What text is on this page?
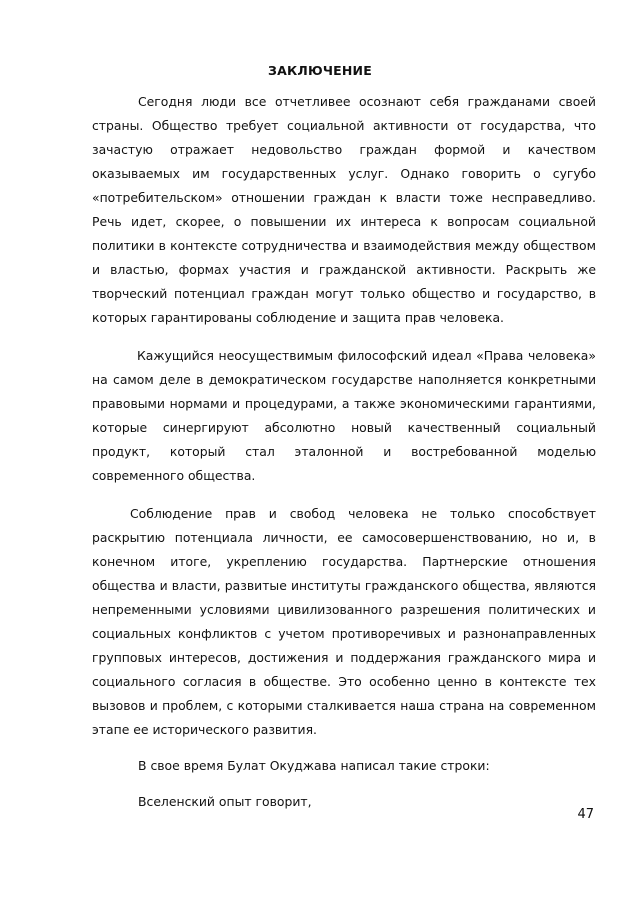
ЗАКЛЮЧЕНИЕ

Сегодня люди все отчетливее осознают себя гражданами своей страны. Общество требует социальной активности от государства, что зачастую отражает недовольство граждан формой и качеством оказываемых им государственных услуг. Однако говорить о сугубо «потребительском» отношении граждан к власти тоже несправедливо. Речь идет, скорее, о повышении их интереса к вопросам социальной политики в контексте сотрудничества и взаимодействия между обществом и властью, формах участия и гражданской активности. Раскрыть же творческий потенциал граждан могут только общество и государство, в которых гарантированы соблюдение и защита прав человека.

Кажущийся неосуществимым философский идеал «Права человека» на самом деле в демократическом государстве наполняется конкретными правовыми нормами и процедурами, а также экономическими гарантиями, которые синергируют абсолютно новый качественный социальный продукт, который стал эталонной и востребованной моделью современного общества.

Соблюдение прав и свобод человека не только способствует раскрытию потенциала личности, ее самосовершенствованию, но и, в конечном итоге, укреплению государства. Партнерские отношения общества и власти, развитые институты гражданского общества, являются непременными условиями цивилизованного разрешения политических и социальных конфликтов с учетом противоречивых и разнонаправленных групповых интересов, достижения и поддержания гражданского мира и социального согласия в обществе. Это особенно ценно в контексте тех вызовов и проблем, с которыми сталкивается наша страна на современном этапе ее исторического развития.

В свое время Булат Окуджава написал такие строки:

Вселенский опыт говорит,

47
